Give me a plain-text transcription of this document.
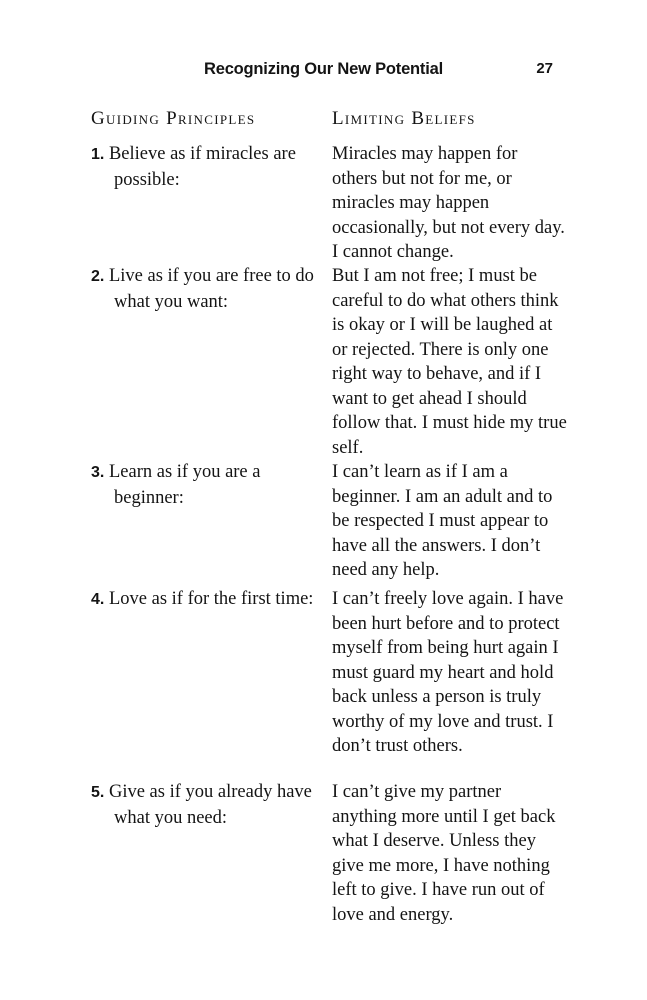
Recognizing Our New Potential	27
Guiding Principles	Limiting Beliefs
1. Believe as if miracles are possible:
Miracles may happen for others but not for me, or miracles may happen occasionally, but not every day. I cannot change.
2. Live as if you are free to do what you want:
But I am not free; I must be careful to do what others think is okay or I will be laughed at or rejected. There is only one right way to behave, and if I want to get ahead I should follow that. I must hide my true self.
3. Learn as if you are a beginner:
I can’t learn as if I am a beginner. I am an adult and to be respected I must appear to have all the answers. I don’t need any help.
4. Love as if for the first time: I can’t freely love again. I have been hurt before and to protect myself from being hurt again I must guard my heart and hold back unless a person is truly worthy of my love and trust. I don’t trust others.
5. Give as if you already have what you need:
I can’t give my partner anything more until I get back what I deserve. Unless they give me more, I have nothing left to give. I have run out of love and energy.
